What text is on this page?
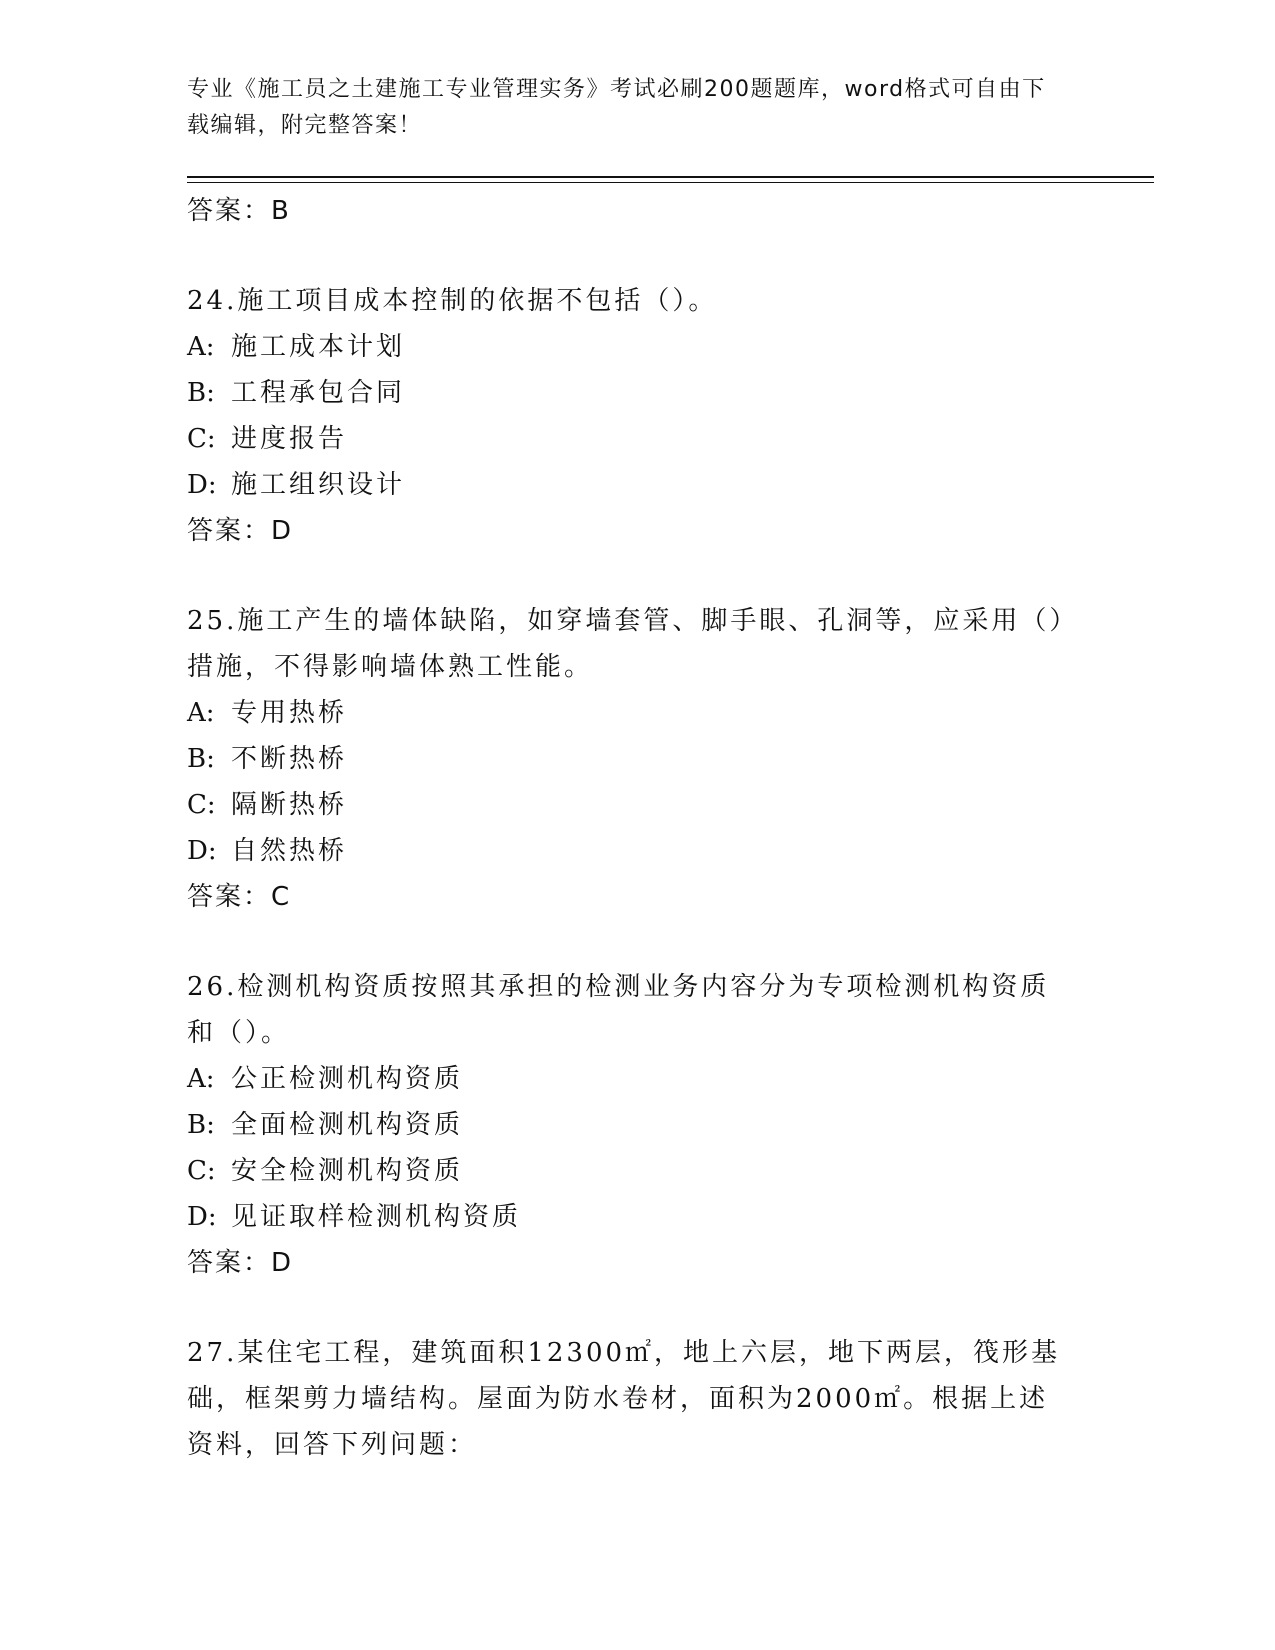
专业《施工员之土建施工专业管理实务》考试必刷200题题库，word格式可自由下载编辑，附完整答案！
答案：B
24.施工项目成本控制的依据不包括（）。
A: 施工成本计划
B: 工程承包合同
C: 进度报告
D: 施工组织设计
答案：D
25.施工产生的墙体缺陷，如穿墙套管、脚手眼、孔洞等，应采用（）措施，不得影响墙体熟工性能。
A: 专用热桥
B: 不断热桥
C: 隔断热桥
D: 自然热桥
答案：C
26.检测机构资质按照其承担的检测业务内容分为专项检测机构资质和（）。
A: 公正检测机构资质
B: 全面检测机构资质
C: 安全检测机构资质
D: 见证取样检测机构资质
答案：D
27.某住宅工程，建筑面积12300㎡，地上六层，地下两层，筏形基础，框架剪力墙结构。屋面为防水卷材，面积为2000㎡。根据上述资料，回答下列问题：
